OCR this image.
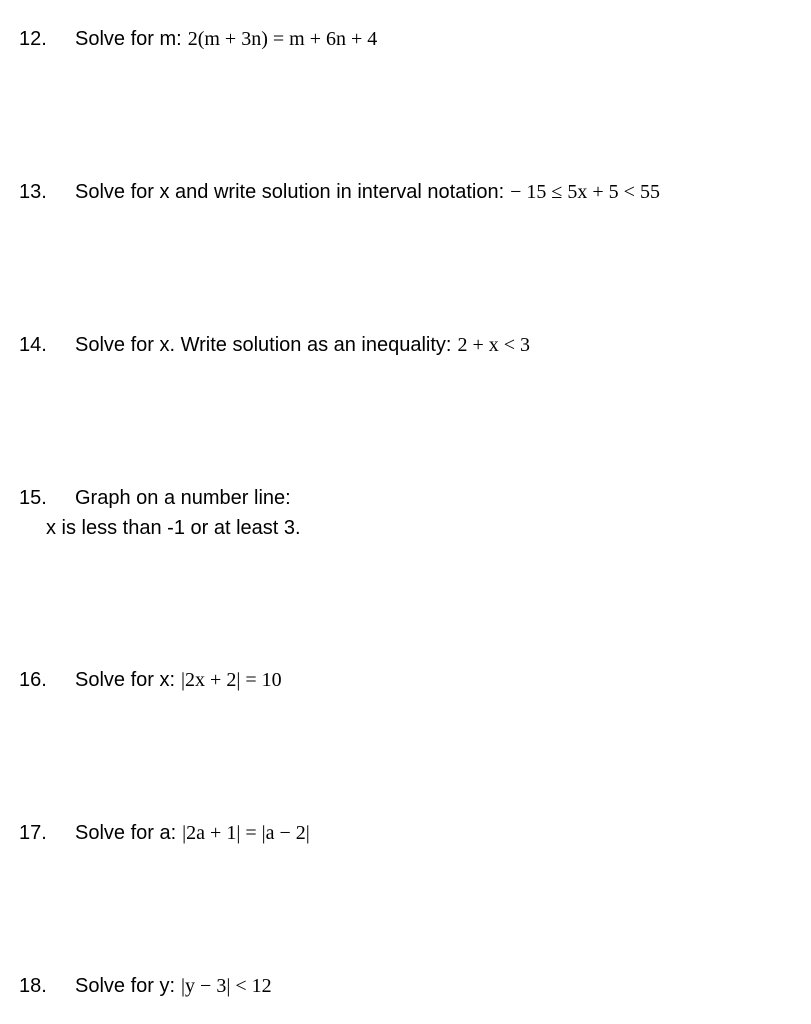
12. Solve for m: 2(m + 3n) = m + 6n + 4
13. Solve for x and write solution in interval notation: − 15 ≤ 5x + 5 < 55
14. Solve for x. Write solution as an inequality: 2 + x < 3
15. Graph on a number line:
x is less than -1 or at least 3.
16. Solve for x: |2x + 2| = 10
17. Solve for a: |2a + 1| = |a − 2|
18. Solve for y: |y − 3| < 12
